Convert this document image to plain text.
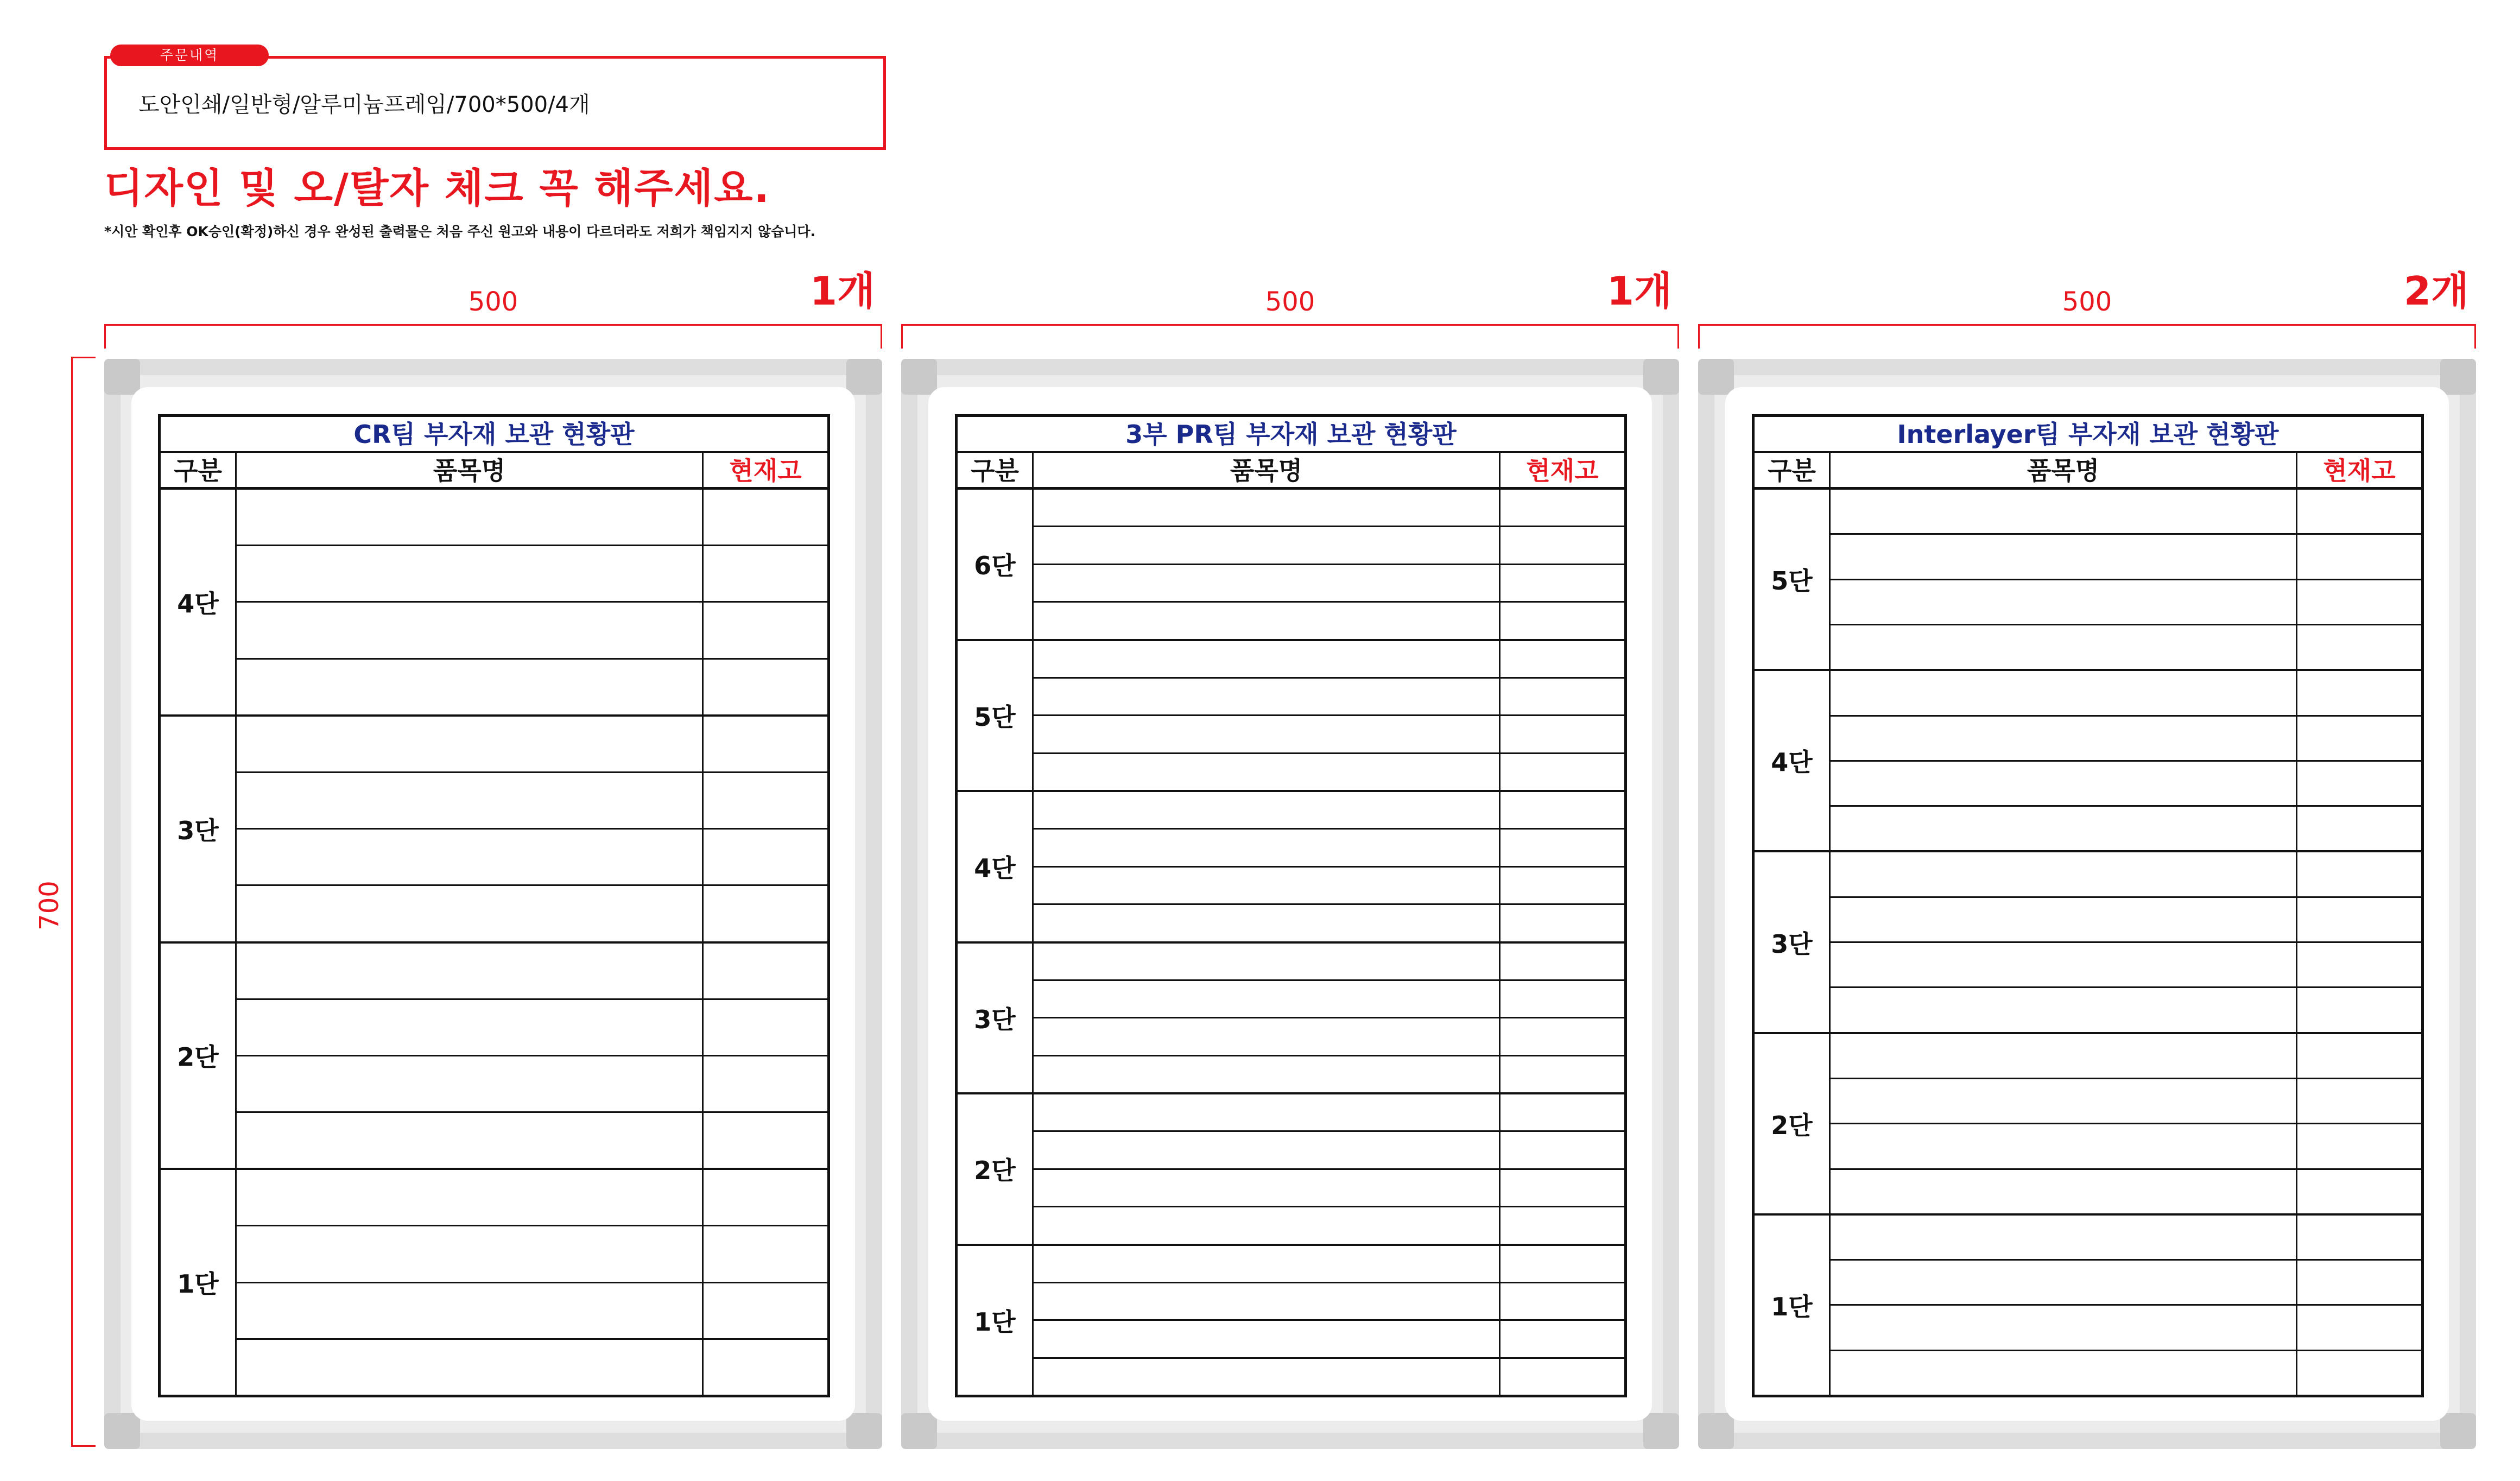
주문내역
도안인쇄/일반형/알루미늄프레임/700*500/4개
디자인 및 오/탈자 체크 꼭 해주세요.
*시안 확인후 OK승인(확정)하신 경우 완성된 출력물은 처음 주신 원고와 내용이 다르더라도 저희가 책임지지 않습니다.
700
500	1개
CR팀 부자재 보관 현황판
구분	품목명	현재고
4단
3단
2단
1단
500	1개
3부 PR팀 부자재 보관 현황판
구분	품목명	현재고
6단
5단
4단
3단
2단
1단
500	2개
Interlayer팀 부자재 보관 현황판
구분	품목명	현재고
5단
4단
3단
2단
1단
